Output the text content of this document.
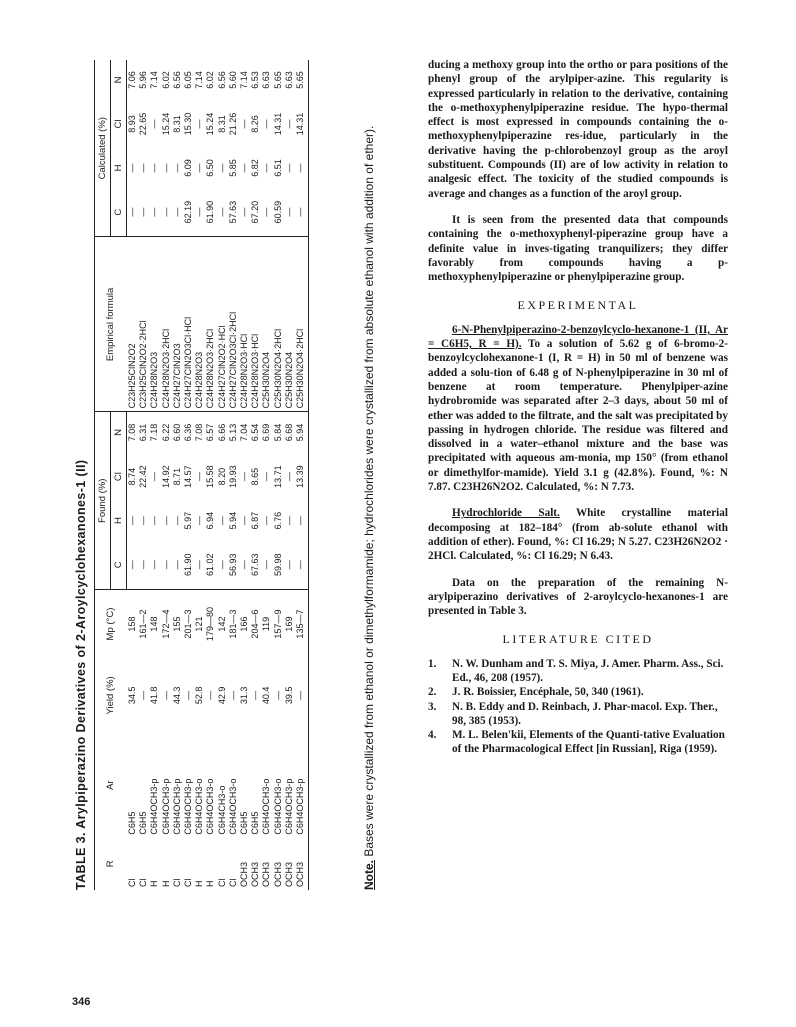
TABLE 3. Arylpiperazino Derivatives of 2-Aroylcyclohexanones-1 (II) R	Ar	Yield (%)	Mp (°C)	Found (%)				Empirical formula	Calculated (%)			
				C	H	Cl	N		C	H	Cl	N
Cl	C6H5	34.5	158	—	—	8.74	7.08	C23H25ClN2O2	—	—	8.93	7.06
Cl	C6H5	—	161—2	—	—	22.42	6.31	C23H25ClN2O2·2HCl	—	—	22.65	5.96
H	C6H4OCH3-p	41.8	148	—	—	—	7.18	C24H28N2O3	—	—	—	7.14
H	C6H4OCH3-p	—	172—4	—	—	14.92	6.22	C24H28N2O3·2HCl	—	—	15.24	6.02
Cl	C6H4OCH3-p	44.3	155	—	—	8.71	6.60	C24H27ClN2O3	—	—	8.31	6.56
Cl	C6H4OCH3-p	—	201—3	61.90	5.97	14.57	6.36	C24H27ClN2O3Cl·HCl	62.19	6.09	15.30	6.05
H	C6H4OCH3-o	52.8	121	—	—	—	7.08	C24H28N2O3	—	—	—	7.14
H	C6H4OCH3-o	—	179—80	61.02	6.94	15.58	6.57	C24H28N2O3·2HCl	61.90	6.50	15.24	6.02
Cl	C6H4CH3-o	42.9	142	—	—	8.20	6.66	C24H27ClN2O2·HCl	—	—	8.31	6.56
Cl	C6H4OCH3-o	—	181—3	56.93	5.94	19.93	5.13	C24H27ClN2O3Cl·2HCl	57.63	5.85	21.26	5.60
OCH3	C6H5	31.3	166	—	—	—	7.04	C24H28N2O3·HCl	—	—	—	7.14
OCH3	C6H5	—	204—6	67.63	6.87	8.65	6.54	C24H28N2O3·HCl	67.20	6.82	8.26	6.53
OCH3	C6H4OCH3-o	40.4	119	—	—	—	6.69	C25H30N2O4	—	—	—	6.63
OCH3	C6H4OCH3-o	—	157—9	59.98	6.76	13.71	5.84	C25H30N2O4·2HCl	60.59	6.51	14.31	5.65
OCH3	C6H4OCH3-p	39.5	169	—	—	—	6.68	C25H30N2O4	—	—	—	6.63
OCH3	C6H4OCH3-p	—	135—7	—	—	13.39	5.94	C25H30N2O4·2HCl	—	—	14.31	5.65
Note. Bases were crystallized from ethanol or dimethylformamide; hydrochlorides were crystallized from absolute ethanol with addition of ether).

ducing a methoxy group into the ortho or para positions of the phenyl group of the arylpiper-azine. This regularity is expressed particularly in relation to the derivative, containing the o-methoxyphenylpiperazine residue. The hypo-thermal effect is most expressed in compounds containing the o-methoxyphenylpiperazine res-idue, particularly in the derivative having the p-chlorobenzoyl group as the aroyl substituent. Compounds (II) are of low activity in relation to analgesic effect. The toxicity of the studied compounds is average and changes as a function of the aroyl group.

It is seen from the presented data that compounds containing the o-methoxyphenyl-piperazine group have a definite value in inves-tigating tranquilizers; they differ favorably from compounds having a p-methoxyphenylpiperazine or phenylpiperazine group.

EXPERIMENTAL

6-N-Phenylpiperazino-2-benzoylcyclo-hexanone-1 (II, Ar = C6H5, R = H). To a solution of 5.62 g of 6-bromo-2-benzoylcyclohexanone-1 (I, R = H) in 50 ml of benzene was added a solu-tion of 6.48 g of N-phenylpiperazine in 30 ml of benzene at room temperature. Phenylpiper-azine hydrobromide was separated after 2–3 days, about 50 ml of ether was added to the filtrate, and the salt was precipitated by passing in hydrogen chloride. The residue was filtered and dissolved in a water–ethanol mixture and the base was precipitated with aqueous am-monia, mp 150° (from ethanol or dimethylfor-mamide). Yield 3.1 g (42.8%). Found, %: N 7.87. C23H26N2O2. Calculated, %: N 7.73.

Hydrochloride Salt. White crystalline material decomposing at 182–184° (from ab-solute ethanol with addition of ether). Found, %: Cl 16.29; N 5.27. C23H26N2O2 · 2HCl. Calculated, %: Cl 16.29; N 6.43.

Data on the preparation of the remaining N-arylpiperazino derivatives of 2-aroylcyclo-hexanones-1 are presented in Table 3.

LITERATURE CITED
1.	N. W. Dunham and T. S. Miya, J. Amer. Pharm. Ass., Sci. Ed., 46, 208 (1957).
2.	J. R. Boissier, Encéphale, 50, 340 (1961).
3.	N. B. Eddy and D. Reinbach, J. Phar-macol. Exp. Ther., 98, 385 (1953).
4.	M. L. Belen'kii, Elements of the Quanti-tative Evaluation of the Pharmacological Effect [in Russian], Riga (1959).
346
